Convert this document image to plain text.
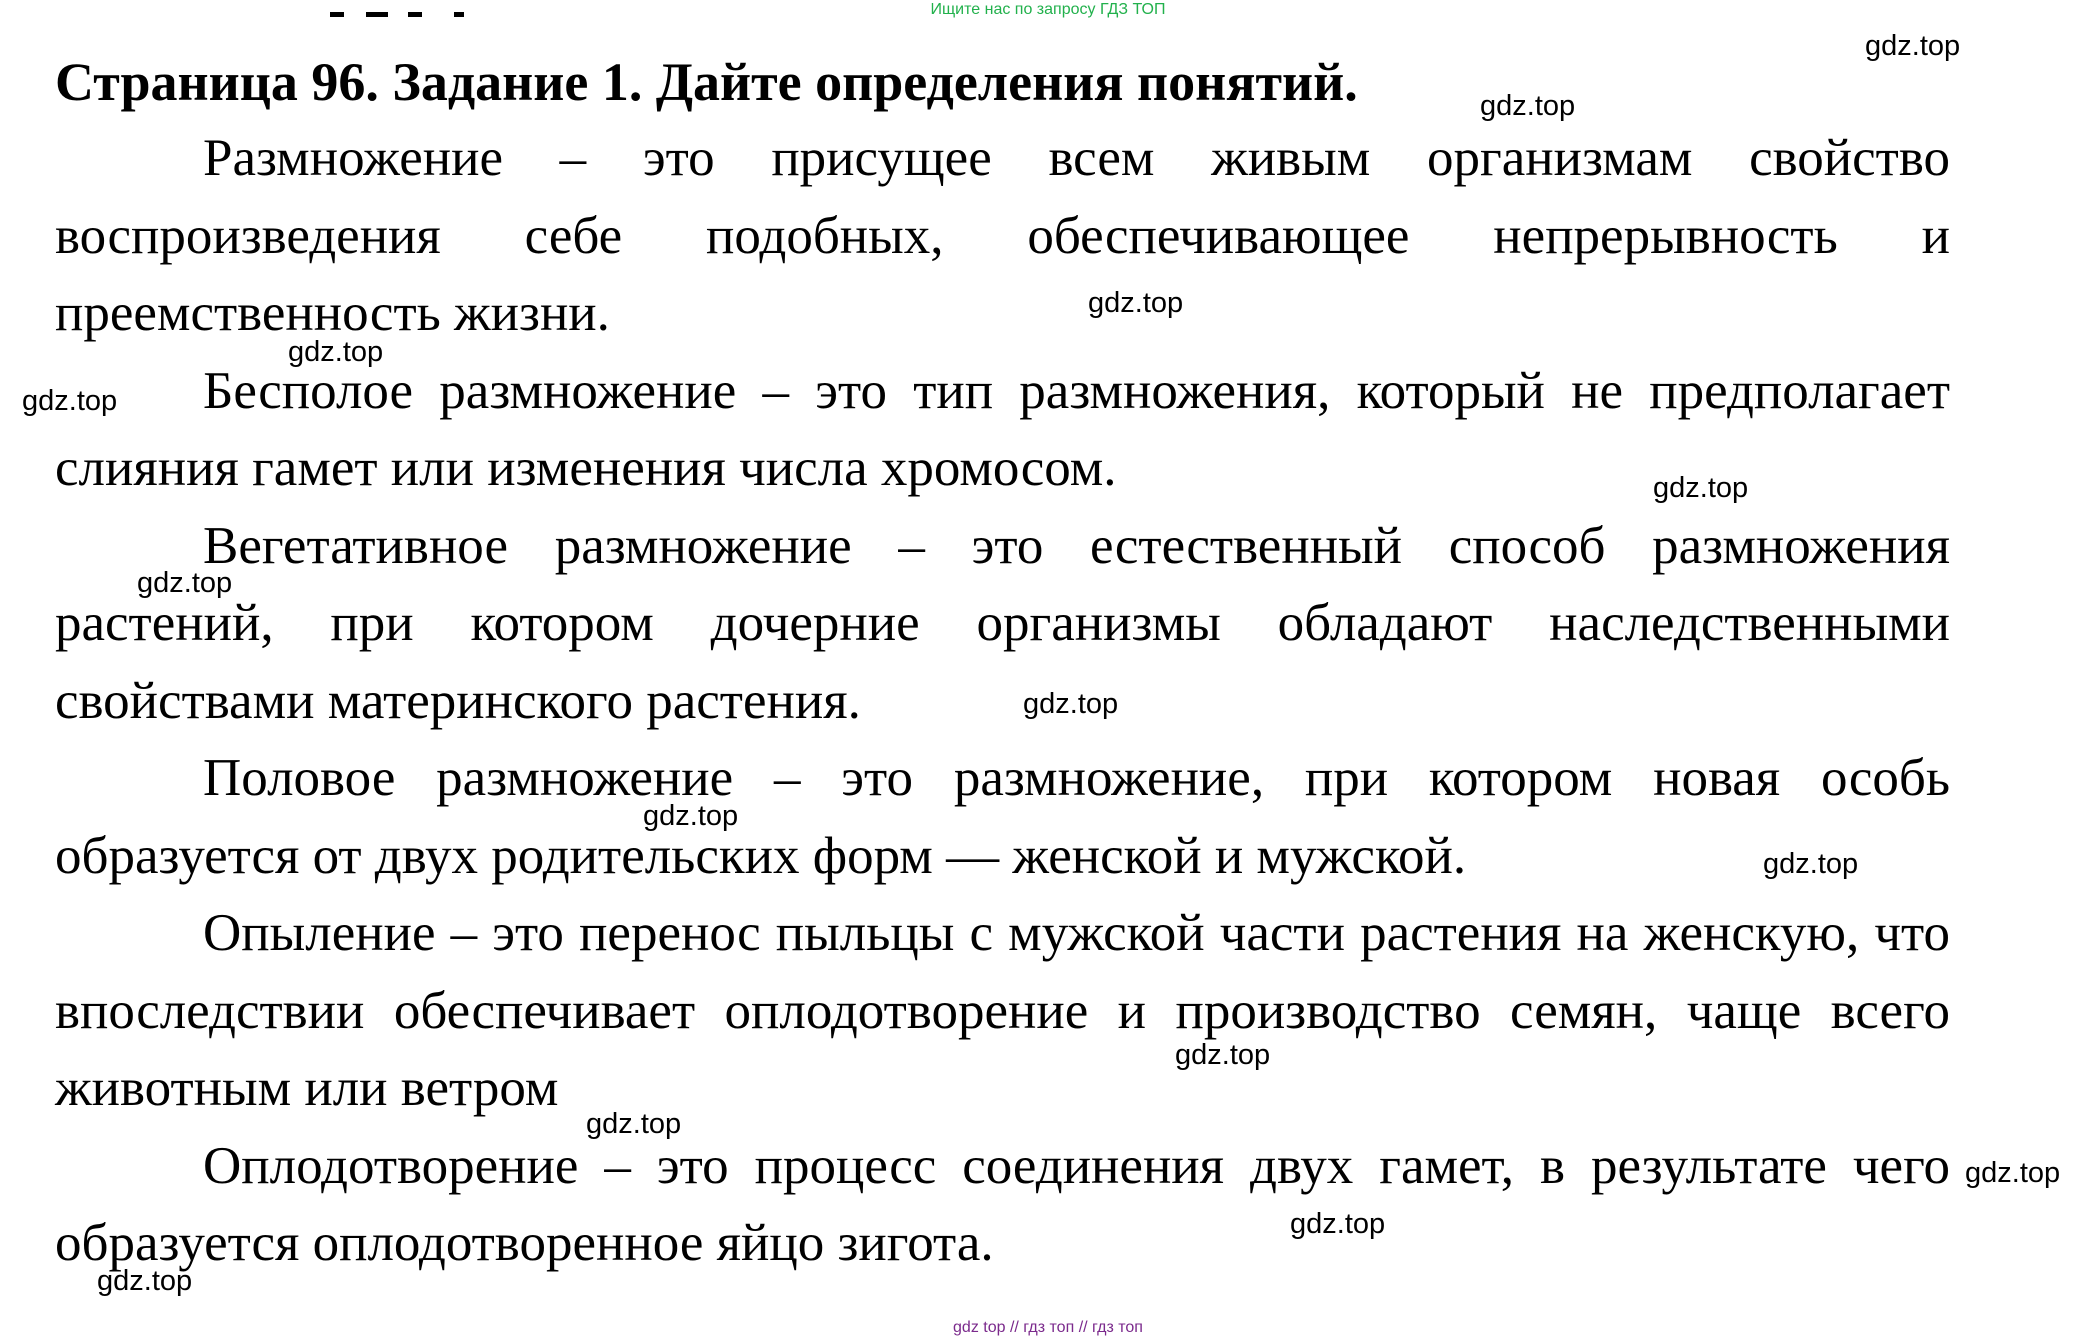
Ищите нас по запросу ГДЗ ТОП
Страница 96. Задание 1. Дайте определения понятий.

Размножение – это присущее всем живым организмам свойство воспроизведения себе подобных, обеспечивающее непрерывность и преемственность жизни.

Бесполое размножение – это тип размножения, который не предполагает слияния гамет или изменения числа хромосом.

Вегетативное размножение – это естественный способ размножения растений, при котором дочерние организмы обладают наследственными свойствами материнского растения.

Половое размножение – это размножение, при котором новая особь образуется от двух родительских форм — женской и мужской.

Опыление – это перенос пыльцы с мужской части растения на женскую, что впоследствии обеспечивает оплодотворение и производство семян, чаще всего животным или ветром

Оплодотворение – это процесс соединения двух гамет, в результате чего образуется оплодотворенное яйцо зигота.

gdz.top
gdz.top
gdz.top
gdz.top
gdz.top
gdz.top
gdz.top
gdz.top
gdz.top
gdz.top
gdz.top
gdz.top
gdz.top
gdz.top
gdz.top
gdz top // гдз топ // гдз топ
